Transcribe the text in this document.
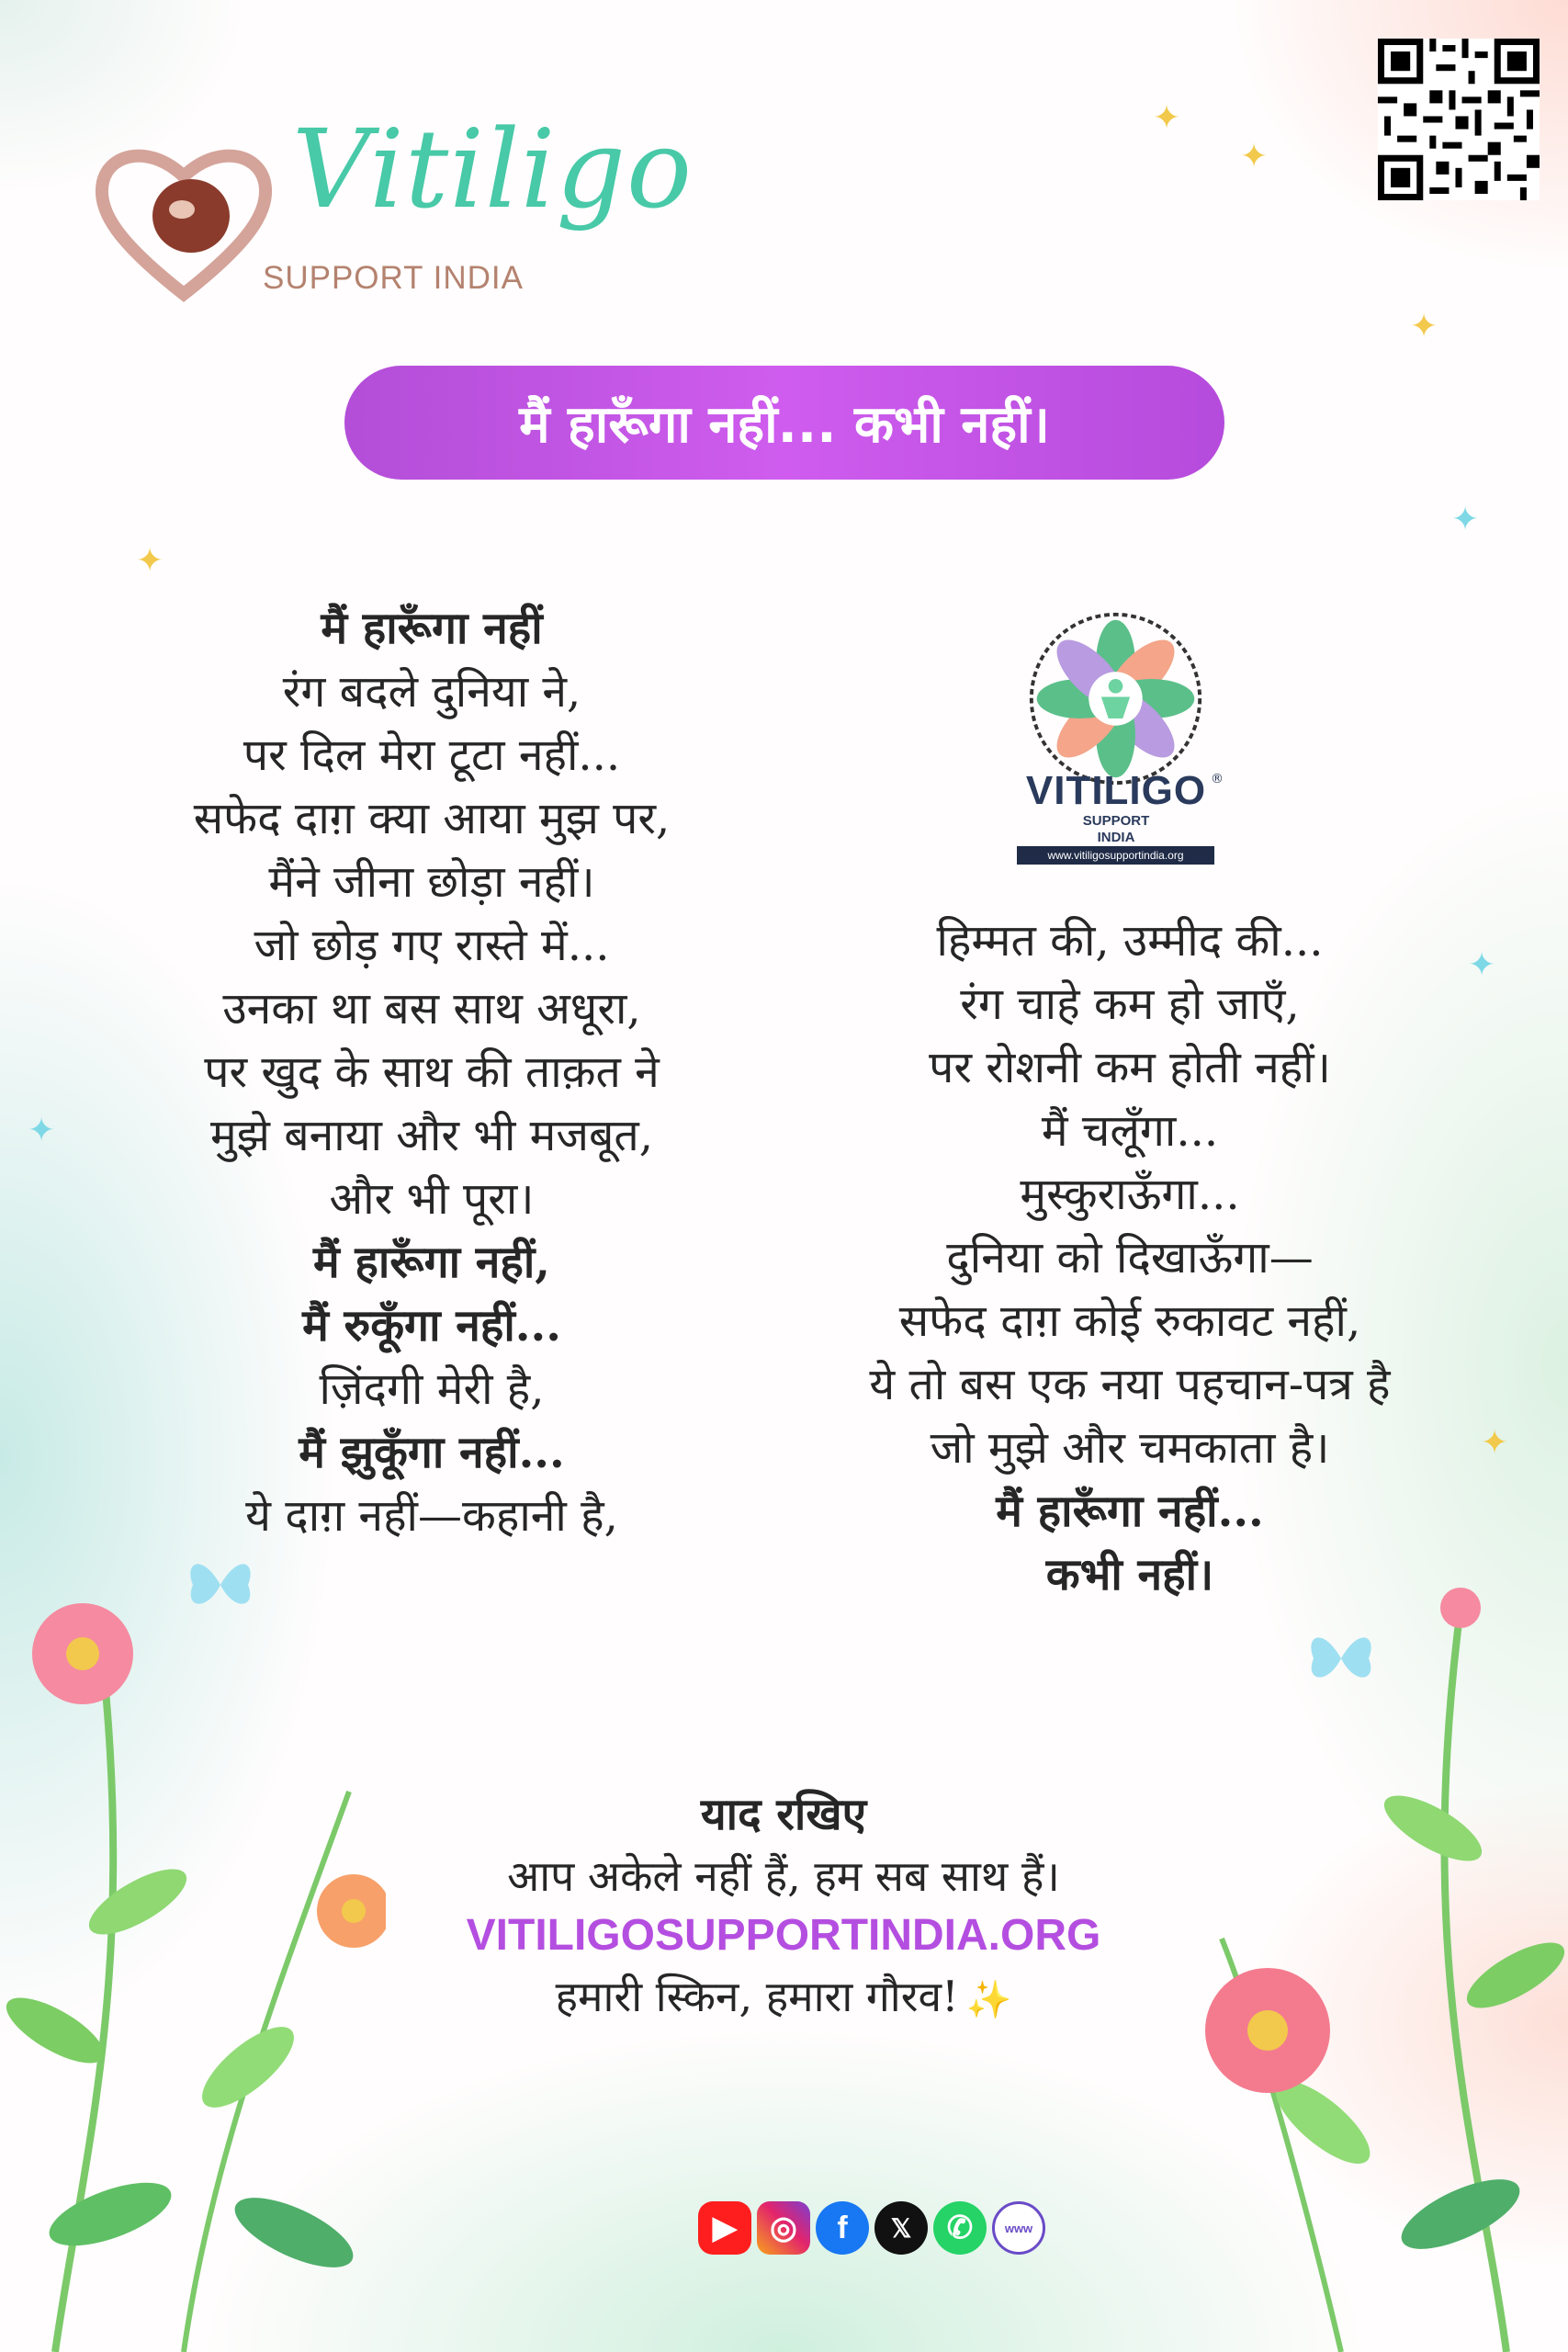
✦
✦
✦
✦
✦
✦
✦
✦
Vitiligo
SUPPORT INDIA
मैं हारूँगा नहीं... कभी नहीं।
मैं हारूँगा नहीं
रंग बदले दुनिया ने,
पर दिल मेरा टूटा नहीं...
सफेद दाग़ क्या आया मुझ पर,
मैंने जीना छोड़ा नहीं।
जो छोड़ गए रास्ते में...
उनका था बस साथ अधूरा,
पर खुद के साथ की ताक़त ने
मुझे बनाया और भी मजबूत,
और भी पूरा।
मैं हारूँगा नहीं,
मैं रुकूँगा नहीं...
ज़िंदगी मेरी है,
मैं झुकूँगा नहीं...
ये दाग़ नहीं—कहानी है,
®
VITILIGO
SUPPORT
INDIA
www.vitiligosupportindia.org
हिम्मत की, उम्मीद की...
रंग चाहे कम हो जाएँ,
पर रोशनी कम होती नहीं।
मैं चलूँगा...
मुस्कुराऊँगा...
दुनिया को दिखाऊँगा—
सफेद दाग़ कोई रुकावट नहीं,
ये तो बस एक नया पहचान-पत्र है
जो मुझे और चमकाता है।
मैं हारूँगा नहीं...
कभी नहीं।
याद रखिए
आप अकेले नहीं हैं, हम सब साथ हैं।
VITILIGOSUPPORTINDIA.ORG
हमारी स्किन, हमारा गौरव! ✨
▶	◎	f	𝕏	✆	www
